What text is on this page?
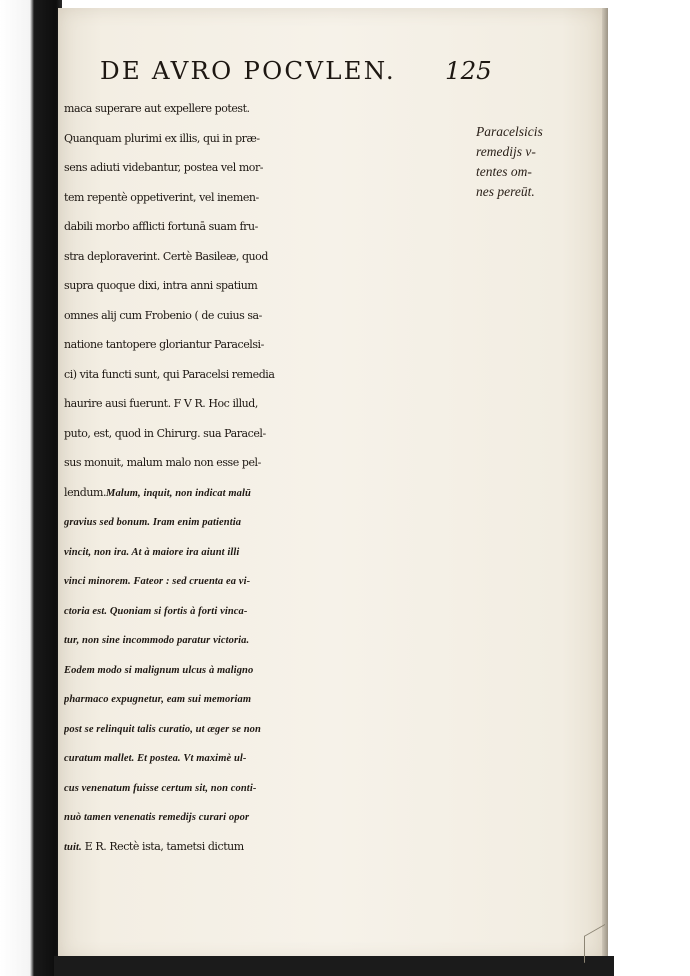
DE AVRO POCVLEN. 125
maca superare aut expellere potest.
Quanquam plurimi ex illis, qui in præ-
sens adiuti videbantur, postea vel mor-
tem repentè oppetiverint, vel inemen-
dabili morbo afflicti fortunā suam fru-
stra deploraverint. Certè Basileæ, quod
supra quoque dixi, intra anni spatium
omnes alij cum Frobenio ( de cuius sa-
natione tantopere gloriantur Paracelsi-
ci) vita functi sunt, qui Paracelsi remedia
haurire ausi fuerunt. F V R. Hoc illud,
puto, est, quod in Chirurg. sua Paracel-
sus monuit, malum malo non esse pel-
lendum.Malum, inquit, non indicat malū
gravius sed bonum. Iram enim patientia
vincit, non ira. At à maiore ira aiunt illi
vinci minorem. Fateor : sed cruenta ea vi-
ctoria est. Quoniam si fortis à forti vinca-
tur, non sine incommodo paratur victoria.
Eodem modo si malignum ulcus à maligno
pharmaco expugnetur, eam sui memoriam
post se relinquit talis curatio, ut æger se non
curatum mallet. Et postea. Vt maximè ul-
cus venenatum fuisse certum sit, non conti-
nuò tamen venenatis remedijs curari opor
tuit. E R. Rectè ista, tametsi dictum
Paracelsicis
remedijs v-
tentes om-
nes pereūt.
